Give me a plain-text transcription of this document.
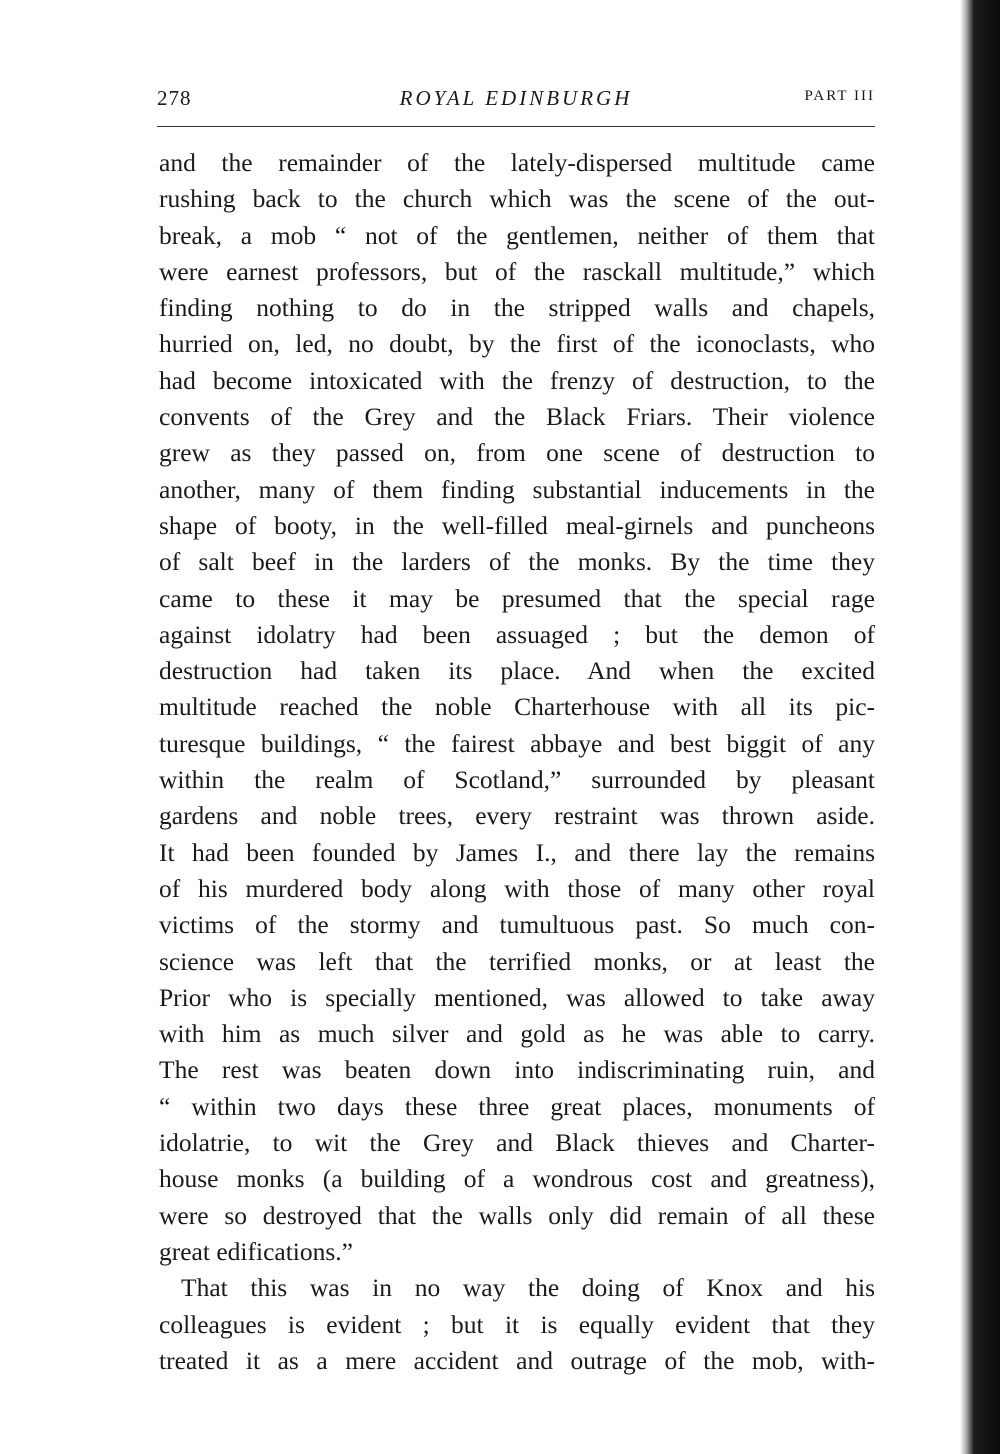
278	ROYAL EDINBURGH	PART III
and the remainder of the lately-dispersed multitude came
rushing back to the church which was the scene of the out-
break, a mob “ not of the gentlemen, neither of them that
were earnest professors, but of the rasckall multitude,” which
finding nothing to do in the stripped walls and chapels,
hurried on, led, no doubt, by the first of the iconoclasts, who
had become intoxicated with the frenzy of destruction, to the
convents of the Grey and the Black Friars. Their violence
grew as they passed on, from one scene of destruction to
another, many of them finding substantial inducements in the
shape of booty, in the well-filled meal-girnels and puncheons
of salt beef in the larders of the monks. By the time they
came to these it may be presumed that the special rage
against idolatry had been assuaged ; but the demon of
destruction had taken its place. And when the excited
multitude reached the noble Charterhouse with all its pic-
turesque buildings, “ the fairest abbaye and best biggit of any
within the realm of Scotland,” surrounded by pleasant
gardens and noble trees, every restraint was thrown aside.
It had been founded by James I., and there lay the remains
of his murdered body along with those of many other royal
victims of the stormy and tumultuous past. So much con-
science was left that the terrified monks, or at least the
Prior who is specially mentioned, was allowed to take away
with him as much silver and gold as he was able to carry.
The rest was beaten down into indiscriminating ruin, and
“ within two days these three great places, monuments of
idolatrie, to wit the Grey and Black thieves and Charter-
house monks (a building of a wondrous cost and greatness),
were so destroyed that the walls only did remain of all these
great edifications.”
That this was in no way the doing of Knox and his
colleagues is evident ; but it is equally evident that they
treated it as a mere accident and outrage of the mob, with-
